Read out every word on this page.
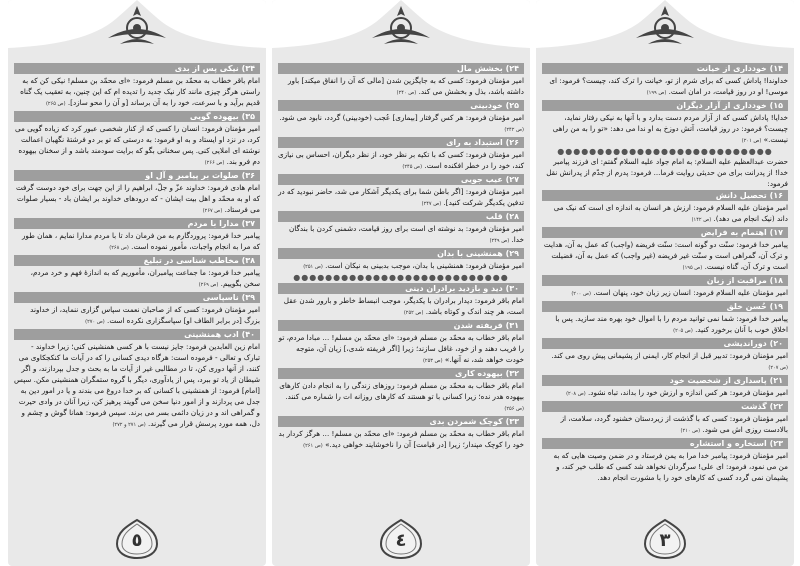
۳۴) نیکی پس از بدی
امام باقر خطاب به محمّد بن مسلم فرمود: «ای محمّد بن مسلم! نیکی کن که به راستی هرگز چیزی مانند کار نیک جدید را تدیده ام که این چنین، به تعقیب یک گناه قدیم برآید و با سرعت، خود را به آن برساند [و آن را محو سازد]. (ص ۲۶۵)
۳۵) بیهوده گویی
امیر مؤمنان فرمود: انسان را کسی که از کنار شخصی عبور کرد که زیاده گویی می کرد، در نزد او ایستاد و به او فرمود: به درستی که تو بر دو فرشتهٔ نگهبان اعمالت نوشته ای املایی کنی. پس سخنانی بگو که برایت سودمند باشد و از سخنان بیهوده دم فرو بند. (ص ۲۶۶)
۳۶) صلوات بر پیامبر و آل او
امام هادی فرمود: خداوند عزّ و جلّ، ابراهیم را از این جهت برای خود دوست گرفت که او به محمّد و اهل بیت ایشان - که درودهای خداوند بر ایشان باد - بسیار صلوات می فرستاد. (ص ۲۶۷)
۳۷) مدارا با مردم
پیامبر خدا فرمود: پروردگارم به من فرمان داد تا با مردم مدارا نمایم ، همان طور که مرا به انجام واجبات، مأمور نموده است. (ص ۲۶۸)
۳۸) مخاطب شناسی در تبلیغ
پیامبر خدا فرمود: ما جماعت پیامبران، مأموریم که به اندازهٔ فهم و خرد مردم، سخن بگوییم. (ص ۲۶۹)
۳۹) ناسپاسی
امیر مؤمنان فرمود: کسی که از صاحبان نعمت سپاس گزاری ننماید، از خداوند بزرگ [در برابر الطاف او] سپاسگزاری نکرده است. (ص ۲۷۰)
۴۰) ادب همنشینی
امام زین العابدین فرمود: جایز نیست با هر کسی همنشینی کنی؛ زیرا خداوند - تبارک و تعالی - فرموده است: هرگاه دیدی کسانی را که در آیات ما کنکجکاوی می کنند، از آنها دوری کن، تا در مطالبی غیر از آیات ما به بحث و جدل بپردازند، و اگر شیطان از یاد تو ببرد، پس از یادآوری، دیگر با گروه ستمگران همنشینی مکن. سپس [امام] فرمود: از همنشینی با کسانی که بر خدا دروغ می بندند و یا در امور دین به جدل می پردازند و از امور دنیا سخن می گویند پرهیز کن، زیرا آنان در وادی حیرت و گمراهی اند و در زیان دائمی بسر می برند. سپس فرمود: همانا گوش و چشم و دل، همه مورد پرسش قرار می گیرند. (ص ۲۷۱ و ۲۷۲)
٥
۲۴) بخشش مال
امیر مؤمنان فرمود: کسی که به جایگزین شدن [مالی که آن را انفاق میکند] باور داشته باشد، بذل و بخشش می کند. (ص ۲۴۰)
۲۵) خودبینی
امیر مؤمنان فرمود: هر کس گرفتار [بیماری] عُجب (خودبینی) گردد، نابود می شود. (ص ۲۴۲)
۲۶) استبداد به رای
امیر مؤمنان فرمود: کسی که با تکیه بر نظر خود، از نظر دیگران، احساس بی نیازی کند، خود را در خطر افکنده است. (ص ۲۴۵)
۲۷) عیب جویی
امیر مؤمنان فرمود: [اگر باطن شما برای یکدیگر آشکار می شد، حاضر نبودید که در تدفین یکدیگر شرکت کنید]. (ص ۲۴۷)
۲۸) قلب
امیر مؤمنان فرمود: بد نوشته ای است برای روز قیامت، دشمنی کردن با بندگان خدا. (ص ۲۴۹)
۲۹) همنشینی با بدان
امیر مؤمنان فرمود: همنشینی با بدان، موجب بدبینی به نیکان است. (ص ۲۵۱)
●●●●●●●●●●●●●●●●●●●●●●●●●●●
۳۰) دید و بازدید برادران دینی
امام باقر فرمود: دیدار برادران با یکدیگر، موجب انبساط خاطر و بارور شدن عقل است، هر چند اندک و کوتاه باشد. (ص ۲۵۲)
۳۱) فریفته شدن
امام باقر خطاب به محمّد بن مسلم فرمود: «ای محمّد بن مسلم! ... مبادا مردم، تو را فریب دهند و از خود، غافل سازند؛ زیرا [اگر فریفته شدی،] زیان آن، متوجه خودت خواهد شد، نه آنها.» (ص ۲۵۳)
۳۲) بیهوده کاری
امام باقر خطاب به محمّد بن مسلم فرمود: روزهای زندگی را به انجام دادن کارهای بیهوده هدر نده؛ زیرا کسانی با تو هستند که کارهای روزانه ات را شماره می کنند. (ص ۲۵۶)
۳۳) کوچک شمردن بدی
امام باقر خطاب به محمّد بن مسلم فرمود: «ای محمّد بن مسلم! ... هرگز کردار بد خود را کوچک مپندار؛ زیرا [در قیامت] آن را ناخوشایند خواهی دید.» (ص ۲۶۱)
٤
۱۴) خودداری از خیانت
خداوندا! پاداش کسی که برای شرم از تو، خیانت را ترک کند، چیست؟ فرمود: ای موسی! او در روز قیامت، در امان است. (ص ۱۹۹)
۱۵) خودداری از آزار دیگران
خدایا! پاداش کسی که از آزار مردم دست بدارد و با آنها به نیکی رفتار نماید، چیست؟ فرمود: در روز قیامت، آتش دوزخ به او ندا می دهد: «تو را به من راهی نیست.» (ص ۲۰۱)
●●●●●●●●●●●●●●●●●●●●●●●●●●●
حضرت عبدالعظیم علیه السلام: به امام جواد علیه السلام گفتم: ای فرزند پیامبر خدا! از پدرانت برای من حدیثی روایت فرما... فرمود: پدرم از جدّم از پدرانش نقل فرمود:
۱۶) تحصیل دانش
امیر مؤمنان علیه السلام فرمود: ارزش هر انسان به اندازه ای است که نیک می داند (نیک انجام می دهد). (ص ۱۴۲)
۱۷) اهتمام به فرایض
پیامبر خدا فرمود: سنّت دو گونه است: سنّت فریضه (واجب) که عمل به آن، هدایت و ترک آن، گمراهی است و سنّت غیر فریضه (غیر واجب) که عمل به آن، فضیلت است و ترک آن، گناه نیست. (ص ۱۹۵)
۱۸) مراقبت از زبان
امیر مؤمنان علیه السلام فرمود: انسان زیر زبان خود، پنهان است. (ص ۲۰۰)
۱۹) حُسن خلق
پیامبر خدا فرمود: شما نمی توانید مردم را با اموال خود بهره مند سازید. پس با اخلاق خوب با آنان برخورد کنید. (ص ۲۰۵)
۲۰) دوراندیشی
امیر مؤمنان فرمود: تدبیر قبل از انجام کار، ایمنی از پشیمانی پیش روی می کند. (ص ۲۰۷)
۲۱) پاسداری از شخصیت خود
امیر مؤمنان فرمود: هر کس اندازه و ارزش خود را بداند، تباه نشود. (ص ۲۰۸)
۲۲) گذشت
امیر مؤمنان فرمود: کسی که با گذشت از زیردستان خشنود گردد، سلامت، از بالادست روزی اش می شود. (ص ۲۱۰)
۲۳) استخاره و استشاره
امیر مؤمنان فرمود: پیامبر خدا مرا به یمن فرستاد و در ضمن وصیت هایی که به من می نمود، فرمود: ای علی! سرگردان نخواهد شد کسی که طلب خیر کند، و پشیمان نمی گردد کسی که کارهای خود را با مشورت انجام دهد.
٣
